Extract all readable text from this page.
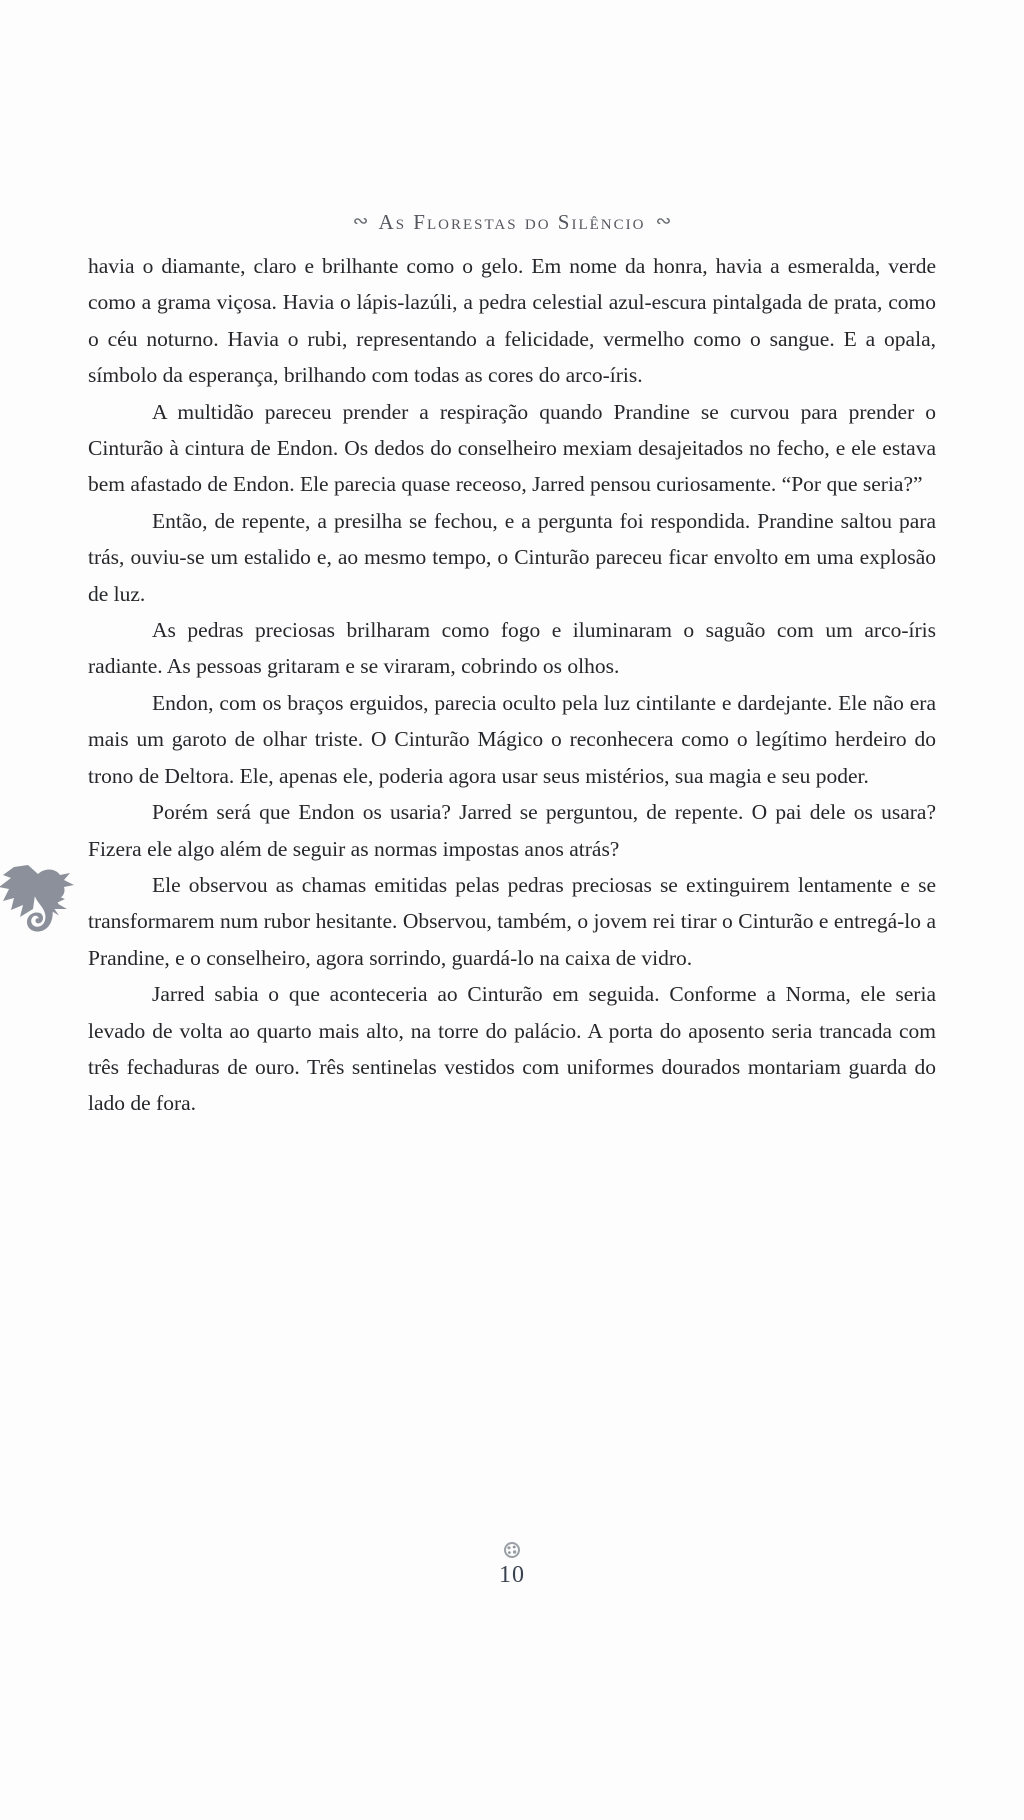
∾ As Florestas do Silêncio ∾

havia o diamante, claro e brilhante como o gelo. Em nome da honra, havia a esmeralda, verde como a grama viçosa. Havia o lápis-lazúli, a pedra celestial azul-escura pintalgada de prata, como o céu noturno. Havia o rubi, representando a felicidade, vermelho como o sangue. E a opala, símbolo da esperança, brilhando com todas as cores do arco-íris.

A multidão pareceu prender a respiração quando Prandine se curvou para prender o Cinturão à cintura de Endon. Os dedos do conselheiro mexiam desajeitados no fecho, e ele estava bem afastado de Endon. Ele parecia quase receoso, Jarred pensou curiosamente. “Por que seria?”

Então, de repente, a presilha se fechou, e a pergunta foi respondida. Prandine saltou para trás, ouviu-se um estalido e, ao mesmo tempo, o Cinturão pareceu ficar envolto em uma explosão de luz.

As pedras preciosas brilharam como fogo e iluminaram o saguão com um arco-íris radiante. As pessoas gritaram e se viraram, cobrindo os olhos.

Endon, com os braços erguidos, parecia oculto pela luz cintilante e dardejante. Ele não era mais um garoto de olhar triste. O Cinturão Mágico o reconhecera como o legítimo herdeiro do trono de Deltora. Ele, apenas ele, poderia agora usar seus mistérios, sua magia e seu poder.

Porém será que Endon os usaria? Jarred se perguntou, de repente. O pai dele os usara? Fizera ele algo além de seguir as normas impostas anos atrás?

Ele observou as chamas emitidas pelas pedras preciosas se extinguirem lentamente e se transformarem num rubor hesitante. Observou, também, o jovem rei tirar o Cinturão e entregá-lo a Prandine, e o conselheiro, agora sorrindo, guardá-lo na caixa de vidro.

Jarred sabia o que aconteceria ao Cinturão em seguida. Conforme a Norma, ele seria levado de volta ao quarto mais alto, na torre do palácio. A porta do aposento seria trancada com três fechaduras de ouro. Três sentinelas vestidos com uniformes dourados montariam guarda do lado de fora.

10
